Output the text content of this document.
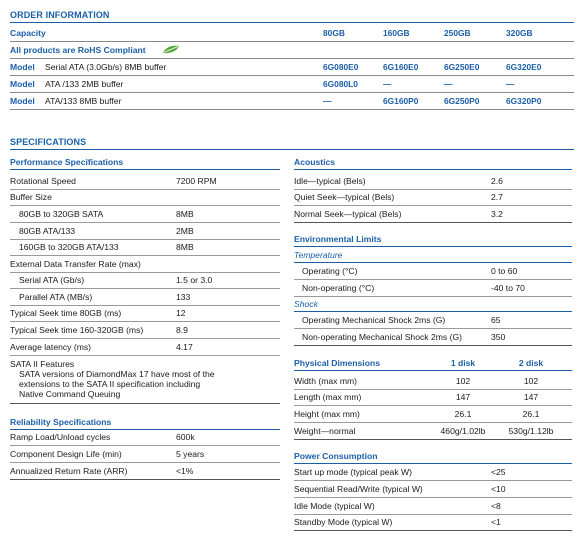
ORDER INFORMATION
Capacity	80GB	160GB	250GB	320GB
All products are RoHS Compliant
Model Serial ATA (3.0Gb/s) 8MB buffer	6G080E0	6G160E0	6G250E0	6G320E0
Model ATA /133 2MB buffer	6G080L0	—	—	—
Model ATA/133 8MB buffer	—	6G160P0	6G250P0	6G320P0
SPECIFICATIONS
Performance Specifications
Rotational Speed	7200 RPM
Buffer Size
80GB to 320GB SATA	8MB
80GB ATA/133	2MB
160GB to 320GB ATA/133	8MB
External Data Transfer Rate (max)
Serial ATA (Gb/s)	1.5 or 3.0
Parallel ATA (MB/s)	133
Typical Seek time 80GB (ms)	12
Typical Seek time 160-320GB (ms)	8.9
Average latency (ms)	4.17
SATA II Features
SATA versions of DiamondMax 17 have most of the
extensions to the SATA II specification including
Native Command Queuing
Reliability Specifications
Ramp Load/Unload cycles	600k
Component Design Life (min)	5 years
Annualized Return Rate (ARR)	<1%
Acoustics
Idle—typical (Bels)	2.6
Quiet Seek—typical (Bels)	2.7
Normal Seek—typical (Bels)	3.2
Environmental Limits
Temperature
Operating (°C)	0 to 60
Non-operating (°C)	-40 to 70
Shock
Operating Mechanical Shock 2ms (G)	65
Non-operating Mechanical Shock 2ms (G)	350
Physical Dimensions	1 disk	2 disk
Width (max mm)	102	102
Length (max mm)	147	147
Height (max mm)	26.1	26.1
Weight—normal	460g/1.02lb	530g/1.12lb
Power Consumption
Start up mode (typical peak W)	<25
Sequential Read/Write (typical W)	<10
Idle Mode (typical W)	<8
Standby Mode (typical W)	<1
